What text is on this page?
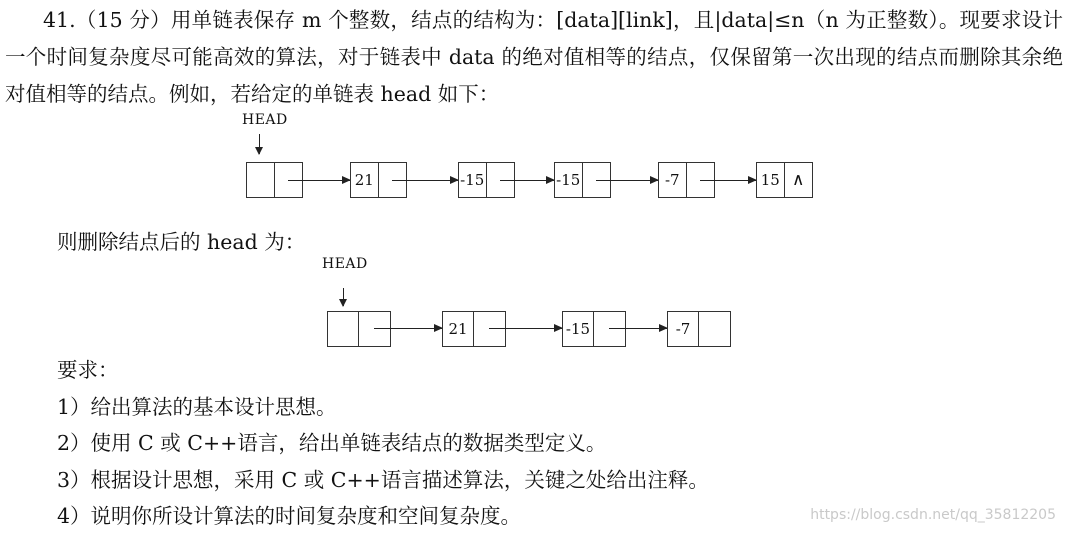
41.（15 分）用单链表保存 m 个整数，结点的结构为：[data][link]，且|data|≤n（n 为正整数）。现要求设计一个时间复杂度尽可能高效的算法，对于链表中 data 的绝对值相等的结点，仅保留第一次出现的结点而删除其余绝对值相等的结点。例如，若给定的单链表 head 如下：
HEAD
21	-15	-15	-7	15 ∧
则删除结点后的 head 为：
HEAD
21	-15	-7
要求：
1）给出算法的基本设计思想。
2）使用 C 或 C++语言，给出单链表结点的数据类型定义。
3）根据设计思想，采用 C 或 C++语言描述算法，关键之处给出注释。
4）说明你所设计算法的时间复杂度和空间复杂度。	https://blog.csdn.net/qq_35812205
